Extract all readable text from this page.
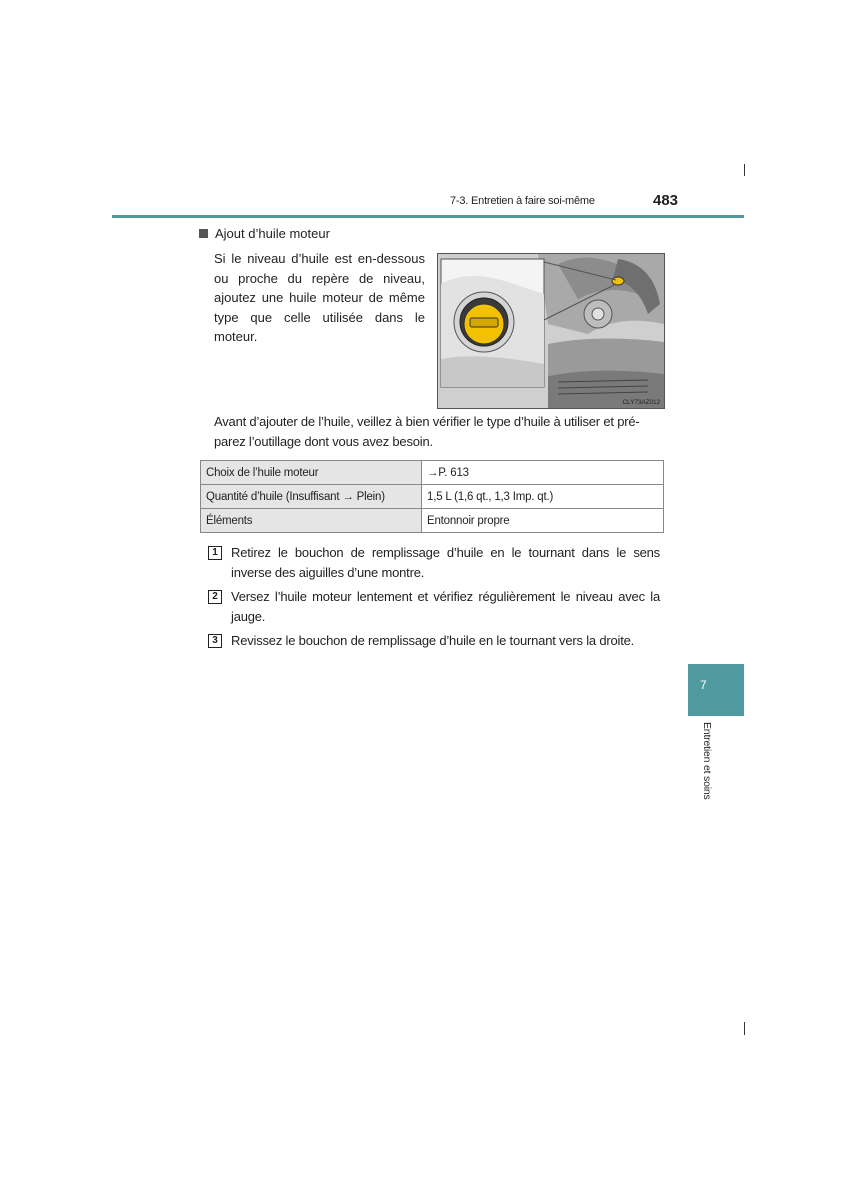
7-3. Entretien à faire soi-même	483
7
Entretien et soins
Ajout d’huile moteur
Si le niveau d’huile est en-dessous ou proche du repère de niveau, ajoutez une huile moteur de même type que celle utilisée dans le moteur.
CLY73AZ012
Avant d’ajouter de l’huile, veillez à bien vérifier le type d’huile à utiliser et pré-parez l’outillage dont vous avez besoin.
Choix de l’huile moteur	→P. 613
Quantité d’huile (Insuffisant → Plein)	1,5 L (1,6 qt., 1,3 Imp. qt.)
Éléments	Entonnoir propre
1	Retirez le bouchon de remplissage d’huile en le tournant dans le sens inverse des aiguilles d’une montre.
2	Versez l’huile moteur lentement et vérifiez régulièrement le niveau avec la jauge.
3	Revissez le bouchon de remplissage d’huile en le tournant vers la droite.
